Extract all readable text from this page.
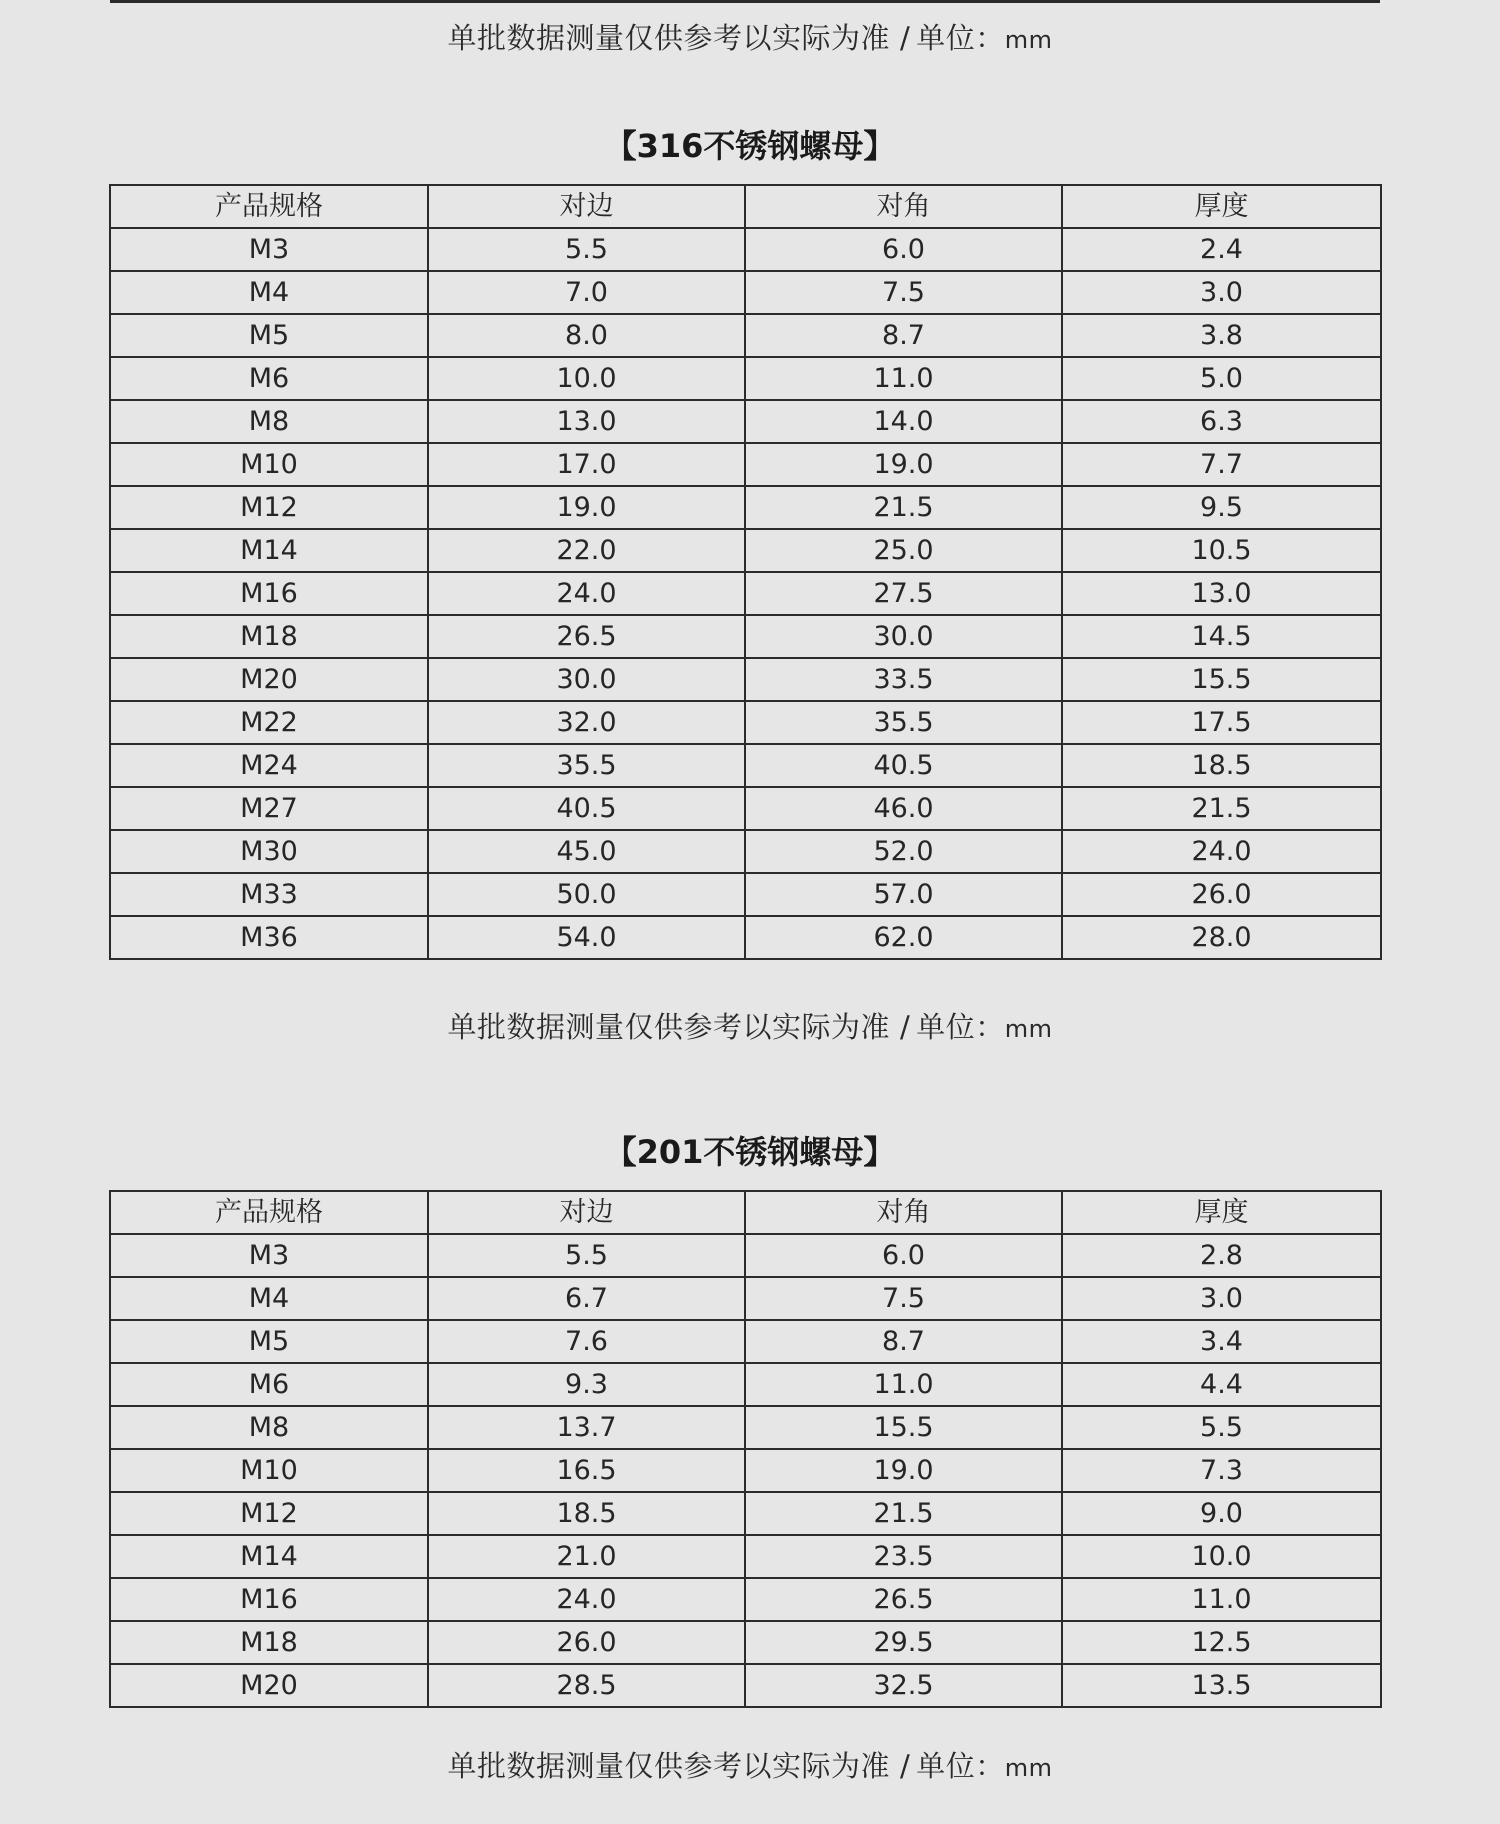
单批数据测量仅供参考以实际为准 / 单位：mm
【316不锈钢螺母】
产品规格	对边	对角	厚度
M3	5.5	6.0	2.4
M4	7.0	7.5	3.0
M5	8.0	8.7	3.8
M6	10.0	11.0	5.0
M8	13.0	14.0	6.3
M10	17.0	19.0	7.7
M12	19.0	21.5	9.5
M14	22.0	25.0	10.5
M16	24.0	27.5	13.0
M18	26.5	30.0	14.5
M20	30.0	33.5	15.5
M22	32.0	35.5	17.5
M24	35.5	40.5	18.5
M27	40.5	46.0	21.5
M30	45.0	52.0	24.0
M33	50.0	57.0	26.0
M36	54.0	62.0	28.0
单批数据测量仅供参考以实际为准 / 单位：mm
【201不锈钢螺母】
产品规格	对边	对角	厚度
M3	5.5	6.0	2.8
M4	6.7	7.5	3.0
M5	7.6	8.7	3.4
M6	9.3	11.0	4.4
M8	13.7	15.5	5.5
M10	16.5	19.0	7.3
M12	18.5	21.5	9.0
M14	21.0	23.5	10.0
M16	24.0	26.5	11.0
M18	26.0	29.5	12.5
M20	28.5	32.5	13.5
单批数据测量仅供参考以实际为准 / 单位：mm
